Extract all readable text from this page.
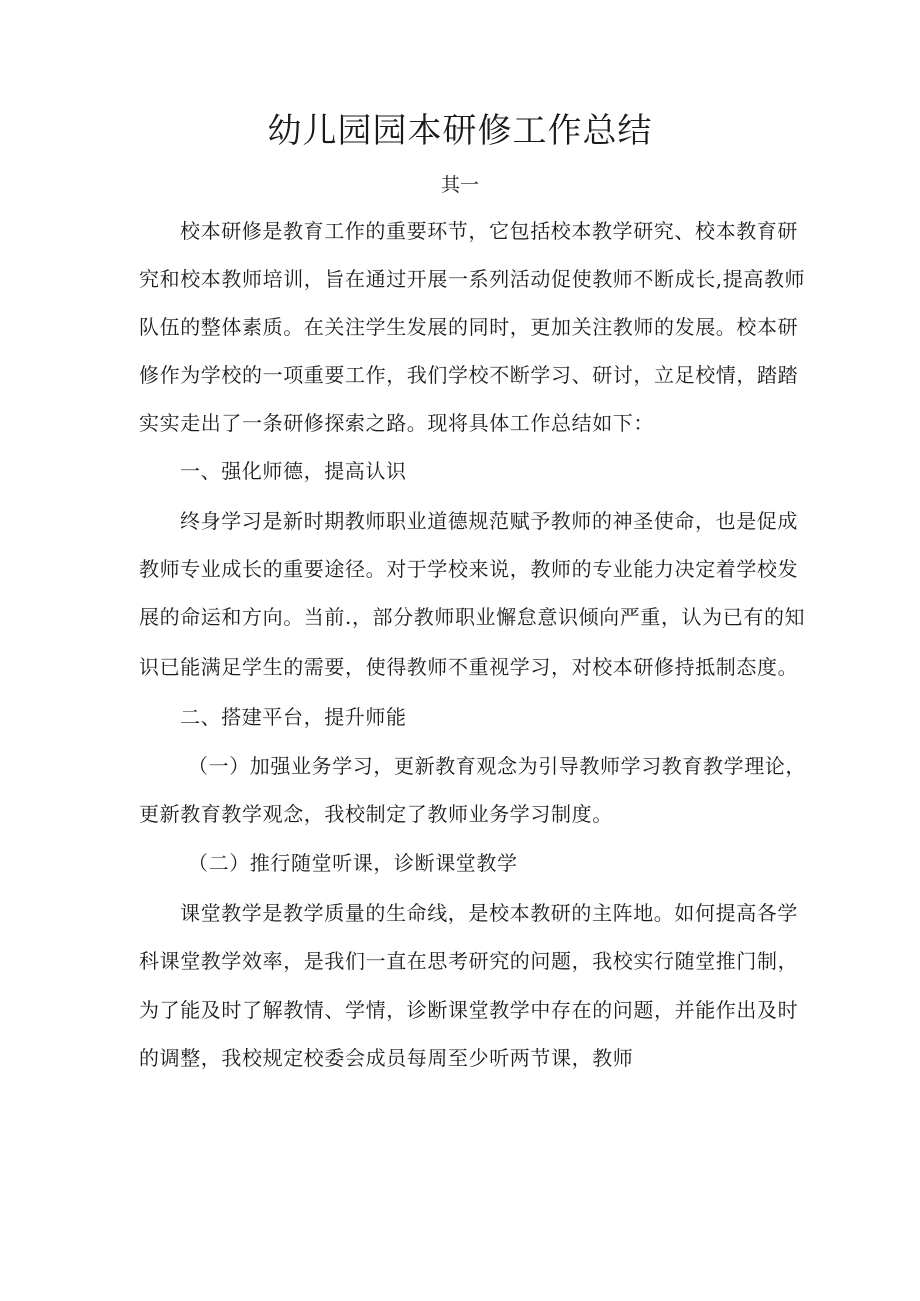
幼儿园园本研修工作总结
其一
校本研修是教育工作的重要环节，它包括校本教学研究、校本教育研
究和校本教师培训，旨在通过开展一系列活动促使教师不断成长,提高教师
队伍的整体素质。在关注学生发展的同时，更加关注教师的发展。校本研
修作为学校的一项重要工作，我们学校不断学习、研讨，立足校情，踏踏
实实走出了一条研修探索之路。现将具体工作总结如下：
一、强化师德，提高认识
终身学习是新时期教师职业道德规范赋予教师的神圣使命，也是促成
教师专业成长的重要途径。对于学校来说，教师的专业能力决定着学校发
展的命运和方向。当前.，部分教师职业懈怠意识倾向严重，认为已有的知
识已能满足学生的需要，使得教师不重视学习，对校本研修持抵制态度。
二、搭建平台，提升师能
（一）加强业务学习，更新教育观念为引导教师学习教育教学理论，
更新教育教学观念，我校制定了教师业务学习制度。
（二）推行随堂听课，诊断课堂教学
课堂教学是教学质量的生命线，是校本教研的主阵地。如何提高各学
科课堂教学效率，是我们一直在思考研究的问题，我校实行随堂推门制，
为了能及时了解教情、学情，诊断课堂教学中存在的问题，并能作出及时
的调整，我校规定校委会成员每周至少听两节课，教师
